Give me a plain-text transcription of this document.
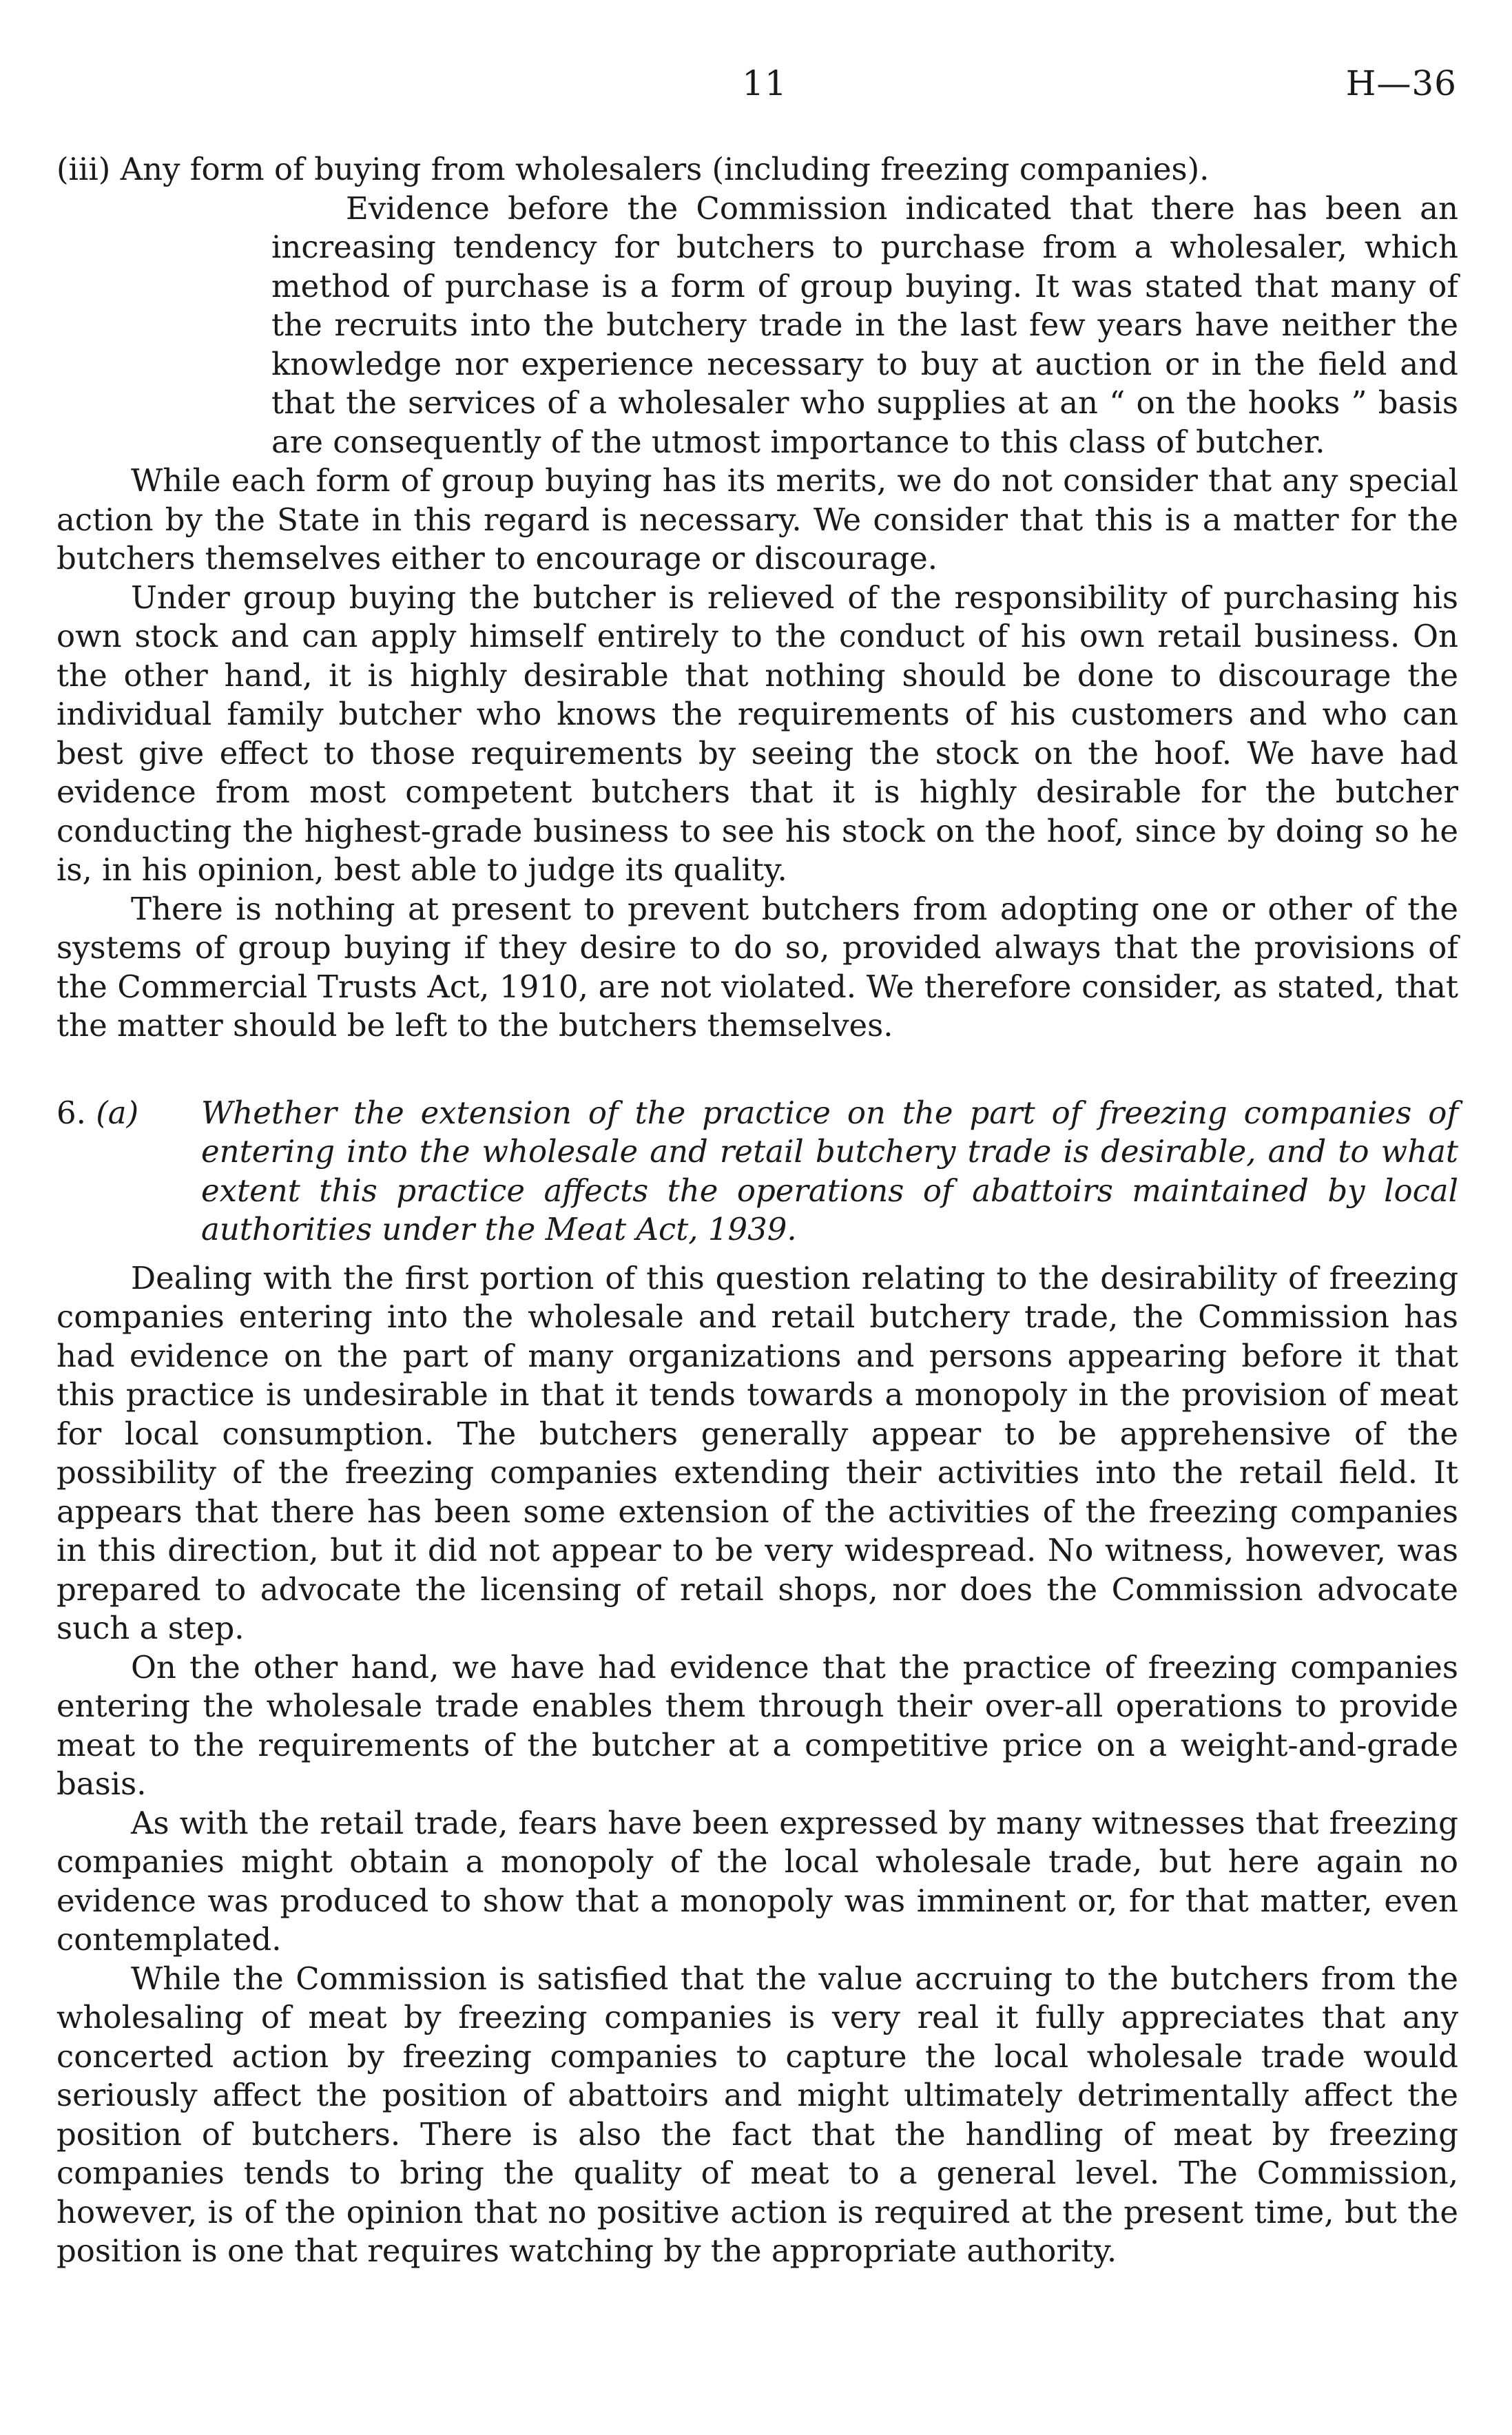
11	H—36

(iii) Any form of buying from wholesalers (including freezing companies).

Evidence before the Commission indicated that there has been an increasing tendency for butchers to purchase from a wholesaler, which method of purchase is a form of group buying. It was stated that many of the recruits into the butchery trade in the last few years have neither the knowledge nor experience necessary to buy at auction or in the field and that the services of a wholesaler who supplies at an “ on the hooks ” basis are consequently of the utmost importance to this class of butcher.

While each form of group buying has its merits, we do not consider that any special action by the State in this regard is necessary. We consider that this is a matter for the butchers themselves either to encourage or discourage.

Under group buying the butcher is relieved of the responsibility of purchasing his own stock and can apply himself entirely to the conduct of his own retail business. On the other hand, it is highly desirable that nothing should be done to discourage the individual family butcher who knows the requirements of his customers and who can best give effect to those requirements by seeing the stock on the hoof. We have had evidence from most competent butchers that it is highly desirable for the butcher conducting the highest-grade business to see his stock on the hoof, since by doing so he is, in his opinion, best able to judge its quality.

There is nothing at present to prevent butchers from adopting one or other of the systems of group buying if they desire to do so, provided always that the provisions of the Commercial Trusts Act, 1910, are not violated. We therefore consider, as stated, that the matter should be left to the butchers themselves.

6. (a)	Whether the extension of the practice on the part of freezing companies of entering into the wholesale and retail butchery trade is desirable, and to what extent this practice affects the operations of abattoirs maintained by local authorities under the Meat Act, 1939.

Dealing with the first portion of this question relating to the desirability of freezing companies entering into the wholesale and retail butchery trade, the Commission has had evidence on the part of many organizations and persons appearing before it that this practice is undesirable in that it tends towards a monopoly in the provision of meat for local consumption. The butchers generally appear to be apprehensive of the possibility of the freezing companies extending their activities into the retail field. It appears that there has been some extension of the activities of the freezing companies in this direction, but it did not appear to be very widespread. No witness, however, was prepared to advocate the licensing of retail shops, nor does the Commission advocate such a step.

On the other hand, we have had evidence that the practice of freezing companies entering the wholesale trade enables them through their over-all operations to provide meat to the requirements of the butcher at a competitive price on a weight-and-grade basis.

As with the retail trade, fears have been expressed by many witnesses that freezing companies might obtain a monopoly of the local wholesale trade, but here again no evidence was produced to show that a monopoly was imminent or, for that matter, even contemplated.

While the Commission is satisfied that the value accruing to the butchers from the wholesaling of meat by freezing companies is very real it fully appreciates that any concerted action by freezing companies to capture the local wholesale trade would seriously affect the position of abattoirs and might ultimately detrimentally affect the position of butchers. There is also the fact that the handling of meat by freezing companies tends to bring the quality of meat to a general level. The Commission, however, is of the opinion that no positive action is required at the present time, but the position is one that requires watching by the appropriate authority.
